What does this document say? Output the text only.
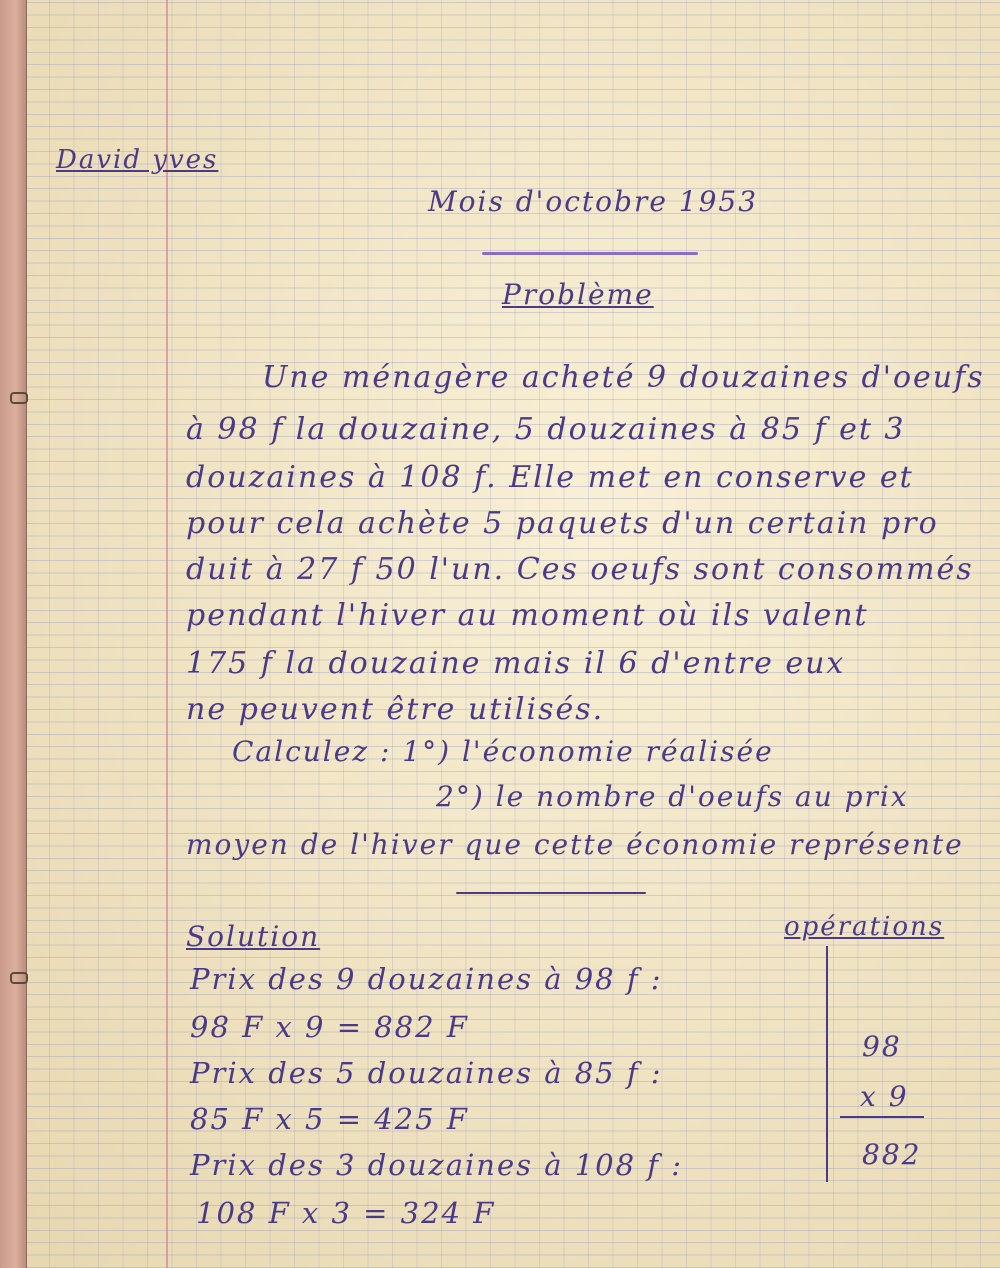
David yves
Mois d'octobre 1953
Problème
Une ménagère acheté 9 douzaines d'oeufs
à 98 f la douzaine, 5 douzaines à 85 f et 3
douzaines à 108 f. Elle met en conserve et
pour cela achète 5 paquets d'un certain pro
duit à 27 f 50 l'un. Ces oeufs sont consommés
pendant l'hiver au moment où ils valent
175 f la douzaine mais il 6 d'entre eux
ne peuvent être utilisés.
Calculez : 1°) l'économie réalisée
2°) le nombre d'oeufs au prix
moyen de l'hiver que cette économie représente
Solution	opérations
Prix des 9 douzaines à 98 f :
98 F x 9 = 882 F
Prix des 5 douzaines à 85 f :
85 F x 5 = 425 F
Prix des 3 douzaines à 108 f :
108 F x 3 = 324 F
98
x 9
882
